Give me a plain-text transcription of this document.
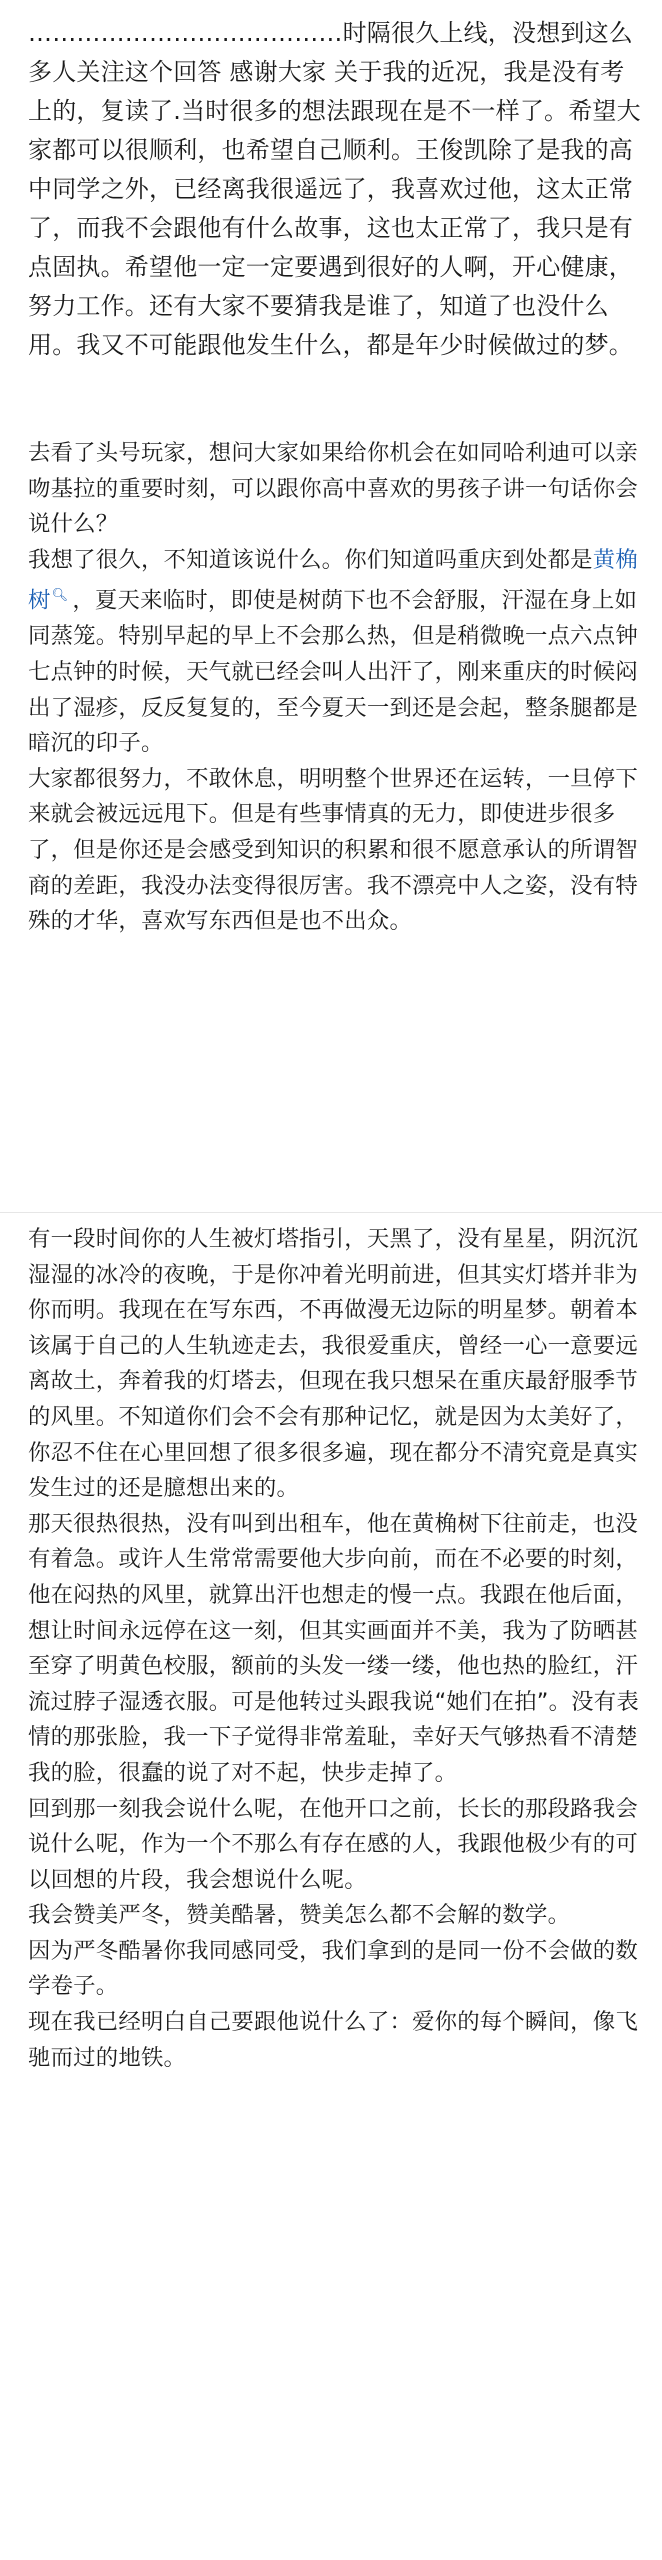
…………………………………时隔很久上线，没想到这么多人关注这个回答 感谢大家 关于我的近况，我是没有考上的，复读了.当时很多的想法跟现在是不一样了。希望大家都可以很顺利，也希望自己顺利。王俊凯除了是我的高中同学之外，已经离我很遥远了，我喜欢过他，这太正常了，而我不会跟他有什么故事，这也太正常了，我只是有点固执。希望他一定一定要遇到很好的人啊，开心健康，努力工作。还有大家不要猜我是谁了，知道了也没什么用。我又不可能跟他发生什么，都是年少时候做过的梦。

去看了头号玩家，想问大家如果给你机会在如同哈利迪可以亲吻基拉的重要时刻，可以跟你高中喜欢的男孩子讲一句话你会说什么？

我想了很久，不知道该说什么。你们知道吗重庆到处都是黄桷树🔍︎ ，夏天来临时，即使是树荫下也不会舒服，汗湿在身上如同蒸笼。特别早起的早上不会那么热，但是稍微晚一点六点钟七点钟的时候，天气就已经会叫人出汗了，刚来重庆的时候闷出了湿疹，反反复复的，至今夏天一到还是会起，整条腿都是暗沉的印子。

大家都很努力，不敢休息，明明整个世界还在运转，一旦停下来就会被远远甩下。但是有些事情真的无力，即使进步很多了，但是你还是会感受到知识的积累和很不愿意承认的所谓智商的差距，我没办法变得很厉害。我不漂亮中人之姿，没有特殊的才华，喜欢写东西但是也不出众。

有一段时间你的人生被灯塔指引，天黑了，没有星星，阴沉沉湿湿的冰冷的夜晚，于是你冲着光明前进，但其实灯塔并非为你而明。我现在在写东西，不再做漫无边际的明星梦。朝着本该属于自己的人生轨迹走去，我很爱重庆，曾经一心一意要远离故土，奔着我的灯塔去，但现在我只想呆在重庆最舒服季节的风里。不知道你们会不会有那种记忆，就是因为太美好了，你忍不住在心里回想了很多很多遍，现在都分不清究竟是真实发生过的还是臆想出来的。

那天很热很热，没有叫到出租车，他在黄桷树下往前走，也没有着急。或许人生常常需要他大步向前，而在不必要的时刻，他在闷热的风里，就算出汗也想走的慢一点。我跟在他后面，想让时间永远停在这一刻，但其实画面并不美，我为了防晒甚至穿了明黄色校服，额前的头发一缕一缕，他也热的脸红，汗流过脖子湿透衣服。可是他转过头跟我说“她们在拍”。没有表情的那张脸，我一下子觉得非常羞耻，幸好天气够热看不清楚我的脸，很蠢的说了对不起，快步走掉了。

回到那一刻我会说什么呢，在他开口之前，长长的那段路我会说什么呢，作为一个不那么有存在感的人，我跟他极少有的可以回想的片段，我会想说什么呢。

我会赞美严冬，赞美酷暑，赞美怎么都不会解的数学。

因为严冬酷暑你我同感同受，我们拿到的是同一份不会做的数学卷子。

现在我已经明白自己要跟他说什么了：爱你的每个瞬间，像飞驰而过的地铁。
